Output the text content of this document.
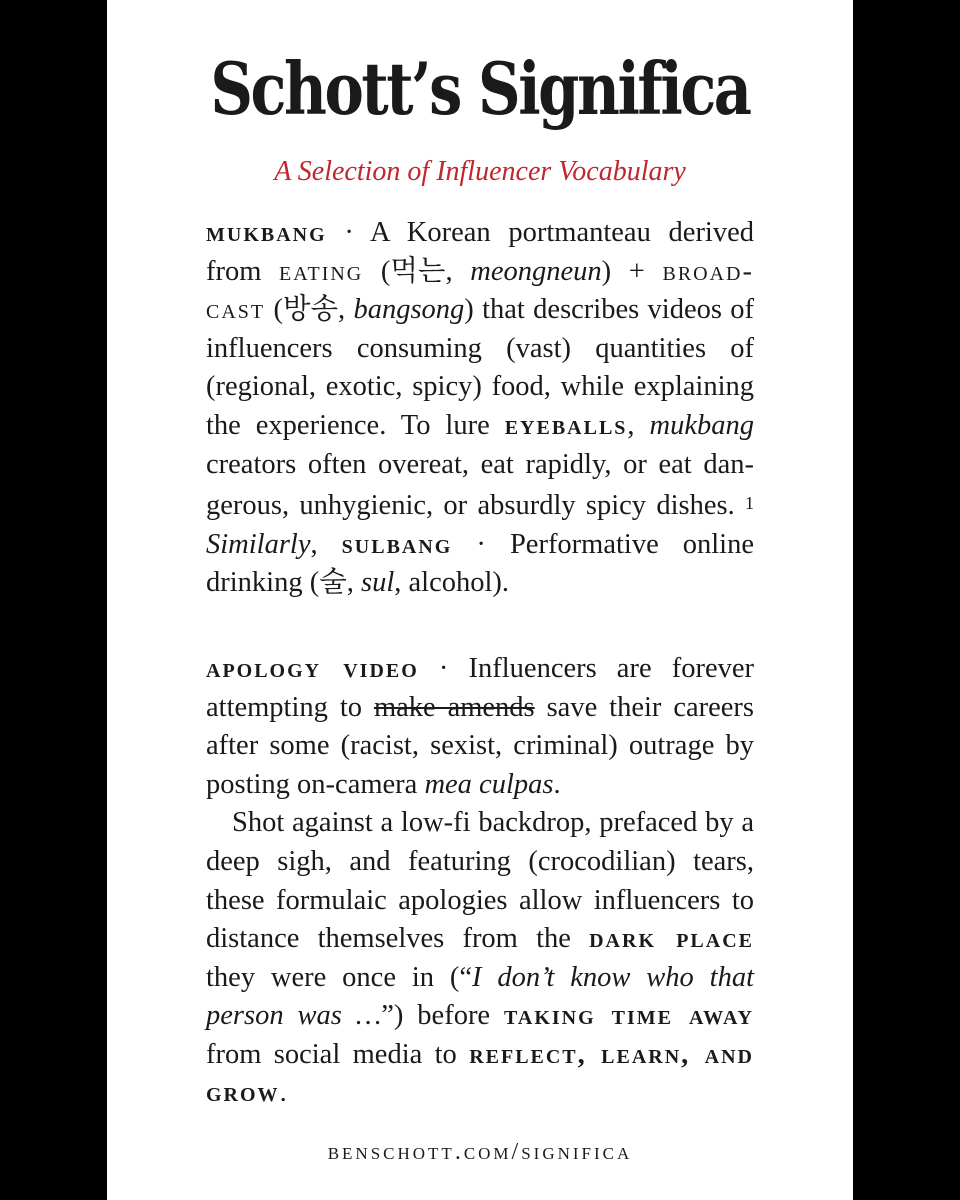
Schott’s Significa

A Selection of Influencer Vocabulary

mukbang · A Korean portmanteau derived from eating (먹는, meongneun) + broad-cast (방송, bangsong) that describes videos of influencers consuming (vast) quantities of (regional, exotic, spicy) food, while explaining the experience. To lure eyeballs, mukbang creators often overeat, eat rapidly, or eat dan-gerous, unhygienic, or absurdly spicy dishes. $^1$ Similarly, sulbang · Performative online drinking (술, sul, alcohol).

apology video · Influencers are forever attempting to make amends save their careers after some (racist, sexist, criminal) outrage by posting on-camera mea culpas.

Shot against a low-fi backdrop, prefaced by a deep sigh, and featuring (crocodilian) tears, these formulaic apologies allow influencers to distance themselves from the dark place they were once in (“I don’t know who that person was …”) before taking time away from social media to reflect, learn, and grow.

benschott.com/significa
